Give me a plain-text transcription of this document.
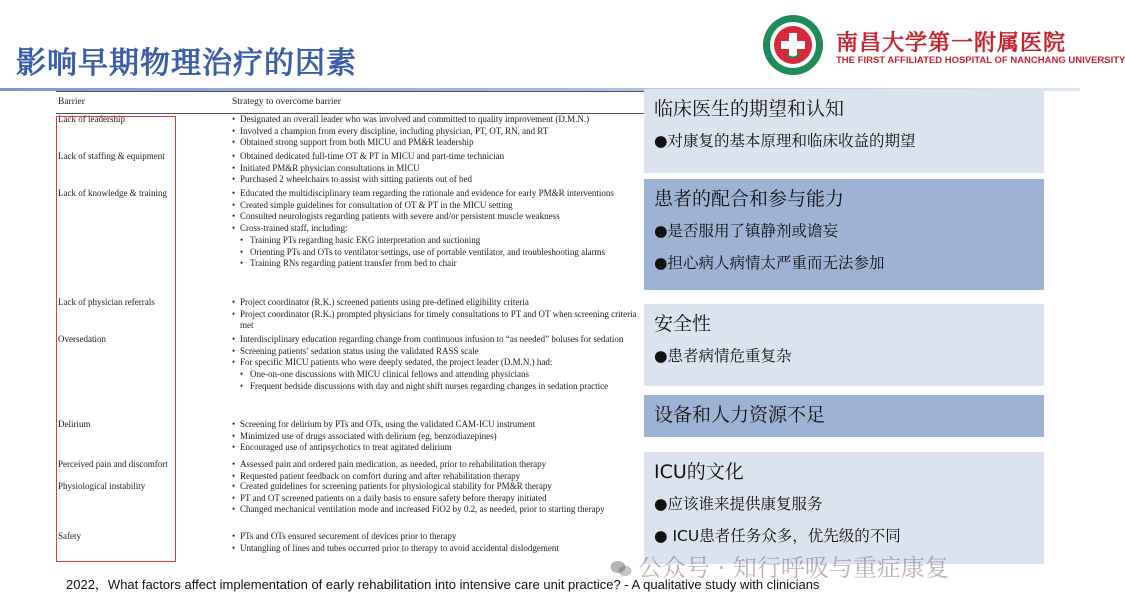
影响早期物理治疗的因素
南昌大学第一附属医院
THE FIRST AFFILIATED HOSPITAL OF NANCHANG UNIVERSITY
Barrier	Strategy to overcome barrier
Lack of leadership	• Designated an overall leader who was involved and committed to quality improvement (D.M.N.)
• Involved a champion from every discipline, including physician, PT, OT, RN, and RT
• Obtained strong support from both MICU and PM&R leadership
Lack of staffing & equipment	• Obtained dedicated full-time OT & PT in MICU and part-time technician
• Initiated PM&R physician consultations in MICU
• Purchased 2 wheelchairs to assist with sitting patients out of bed
Lack of knowledge & training	• Educated the multidisciplinary team regarding the rationale and evidence for early PM&R interventions
• Created simple guidelines for consultation of OT & PT in the MICU setting
• Consulted neurologists regarding patients with severe and/or persistent muscle weakness
• Cross-trained staff, including:
• Training PTs regarding basic EKG interpretation and suctioning
• Orienting PTs and OTs to ventilator settings, use of portable ventilator, and troubleshooting alarms
• Training RNs regarding patient transfer from bed to chair
Lack of physician referrals	• Project coordinator (R.K.) screened patients using pre-defined eligibility criteria
• Project coordinator (R.K.) prompted physicians for timely consultations to PT and OT when screening criteria met
Oversedation	• Interdisciplinary education regarding change from continuous infusion to “as needed” boluses for sedation
• Screening patients’ sedation status using the validated RASS scale
• For specific MICU patients who were deeply sedated, the project leader (D.M.N.) had:
• One-on-one discussions with MICU clinical fellows and attending physicians
• Frequent bedside discussions with day and night shift nurses regarding changes in sedation practice
Delirium	• Screening for delirium by PTs and OTs, using the validated CAM-ICU instrument
• Minimized use of drugs associated with delirium (eg, benzodiazepines)
• Encouraged use of antipsychotics to treat agitated delirium
Perceived pain and discomfort	• Assessed pain and ordered pain medication, as needed, prior to rehabilitation therapy
• Requested patient feedback on comfort during and after rehabilitation therapy
Physiological instability	• Created guidelines for screening patients for physiological stability for PM&R therapy
• PT and OT screened patients on a daily basis to ensure safety before therapy initiated
• Changed mechanical ventilation mode and increased FiO2 by 0.2, as needed, prior to starting therapy
Safety	• PTs and OTs ensured securement of devices prior to therapy
• Untangling of lines and tubes occurred prior to therapy to avoid accidental dislodgement
临床医生的期望和认知
●对康复的基本原理和临床收益的期望
患者的配合和参与能力
●是否服用了镇静剂或谵妄
●担心病人病情太严重而无法参加
安全性
●患者病情危重复杂
设备和人力资源不足
ICU的文化
●应该谁来提供康复服务
● ICU患者任务众多，优先级的不同
公众号 · 知行呼吸与重症康复
2022，What factors affect implementation of early rehabilitation into intensive care unit practice? - A qualitative study with clinicians
